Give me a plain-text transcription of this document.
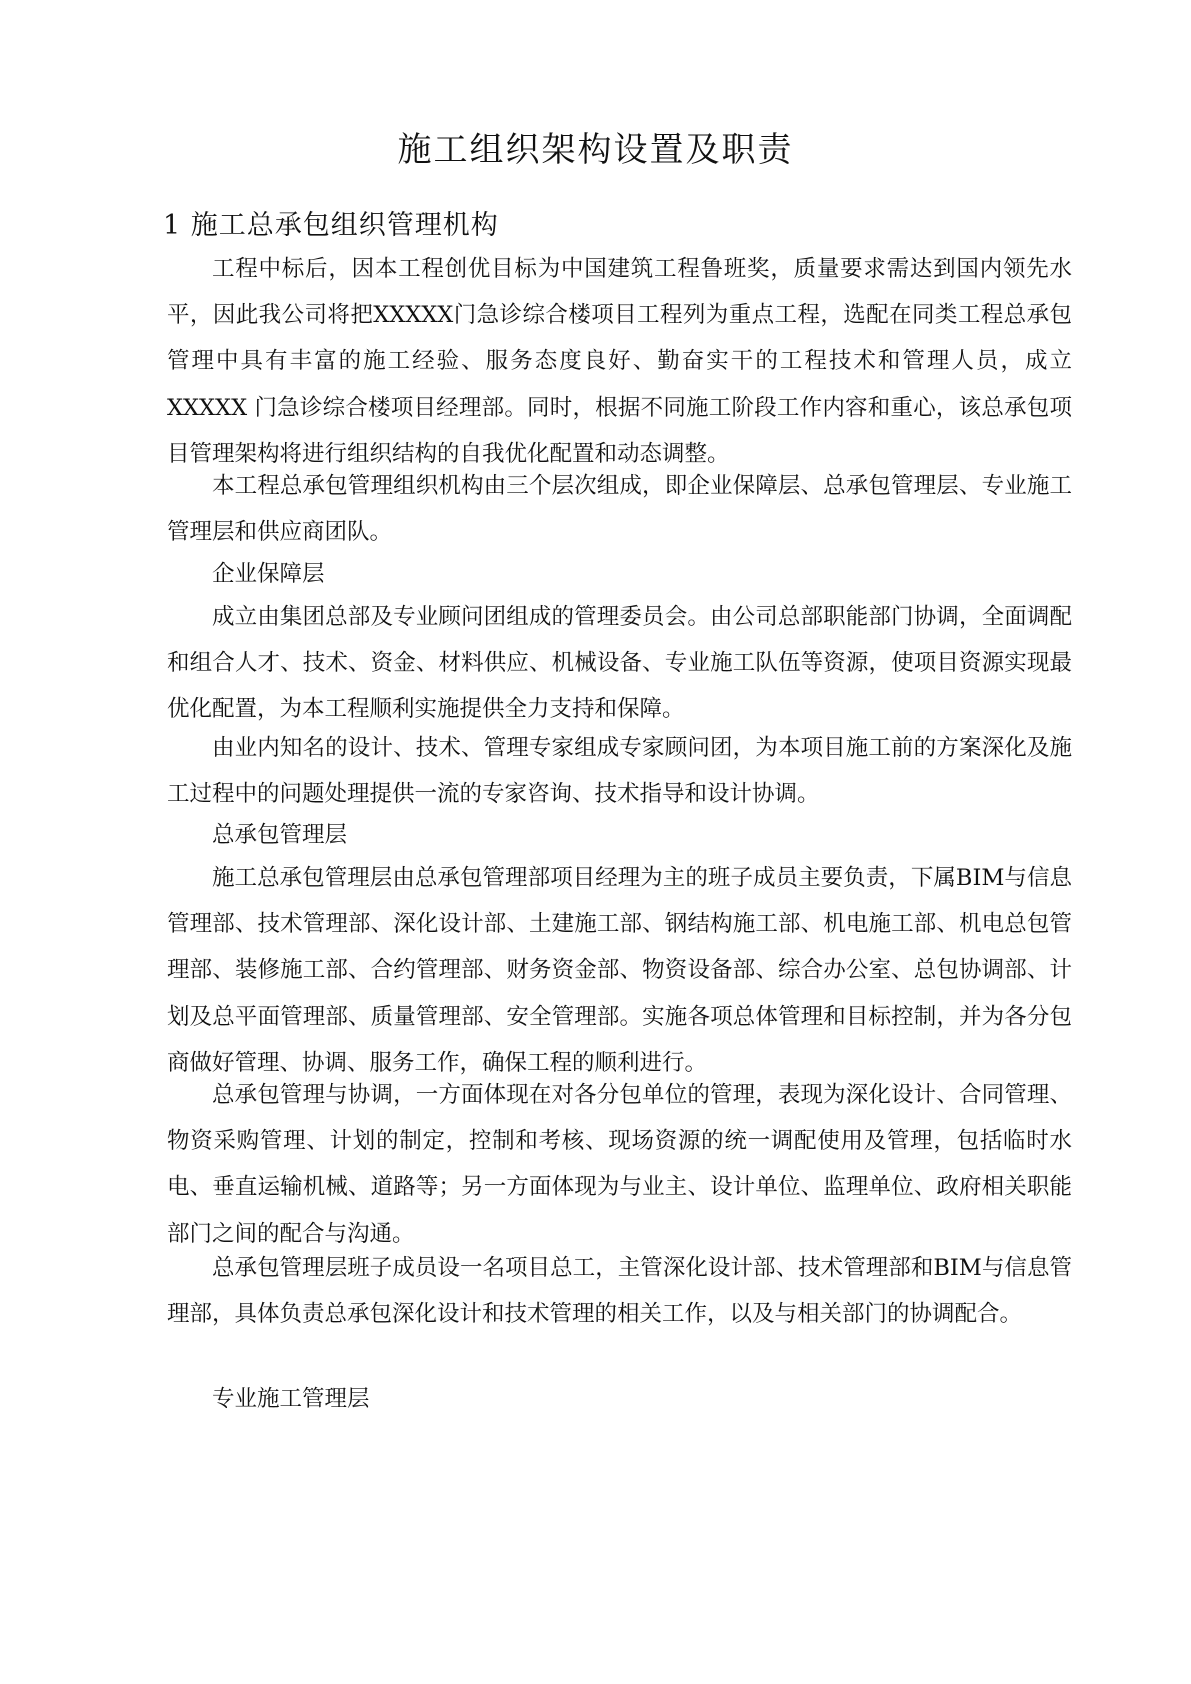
施工组织架构设置及职责
1 施工总承包组织管理机构
工程中标后，因本工程创优目标为中国建筑工程鲁班奖，质量要求需达到国内领先水平，因此我公司将把XXXXX门急诊综合楼项目工程列为重点工程，选配在同类工程总承包管理中具有丰富的施工经验、服务态度良好、勤奋实干的工程技术和管理人员，成立 XXXXX 门急诊综合楼项目经理部。同时，根据不同施工阶段工作内容和重心，该总承包项目管理架构将进行组织结构的自我优化配置和动态调整。
本工程总承包管理组织机构由三个层次组成，即企业保障层、总承包管理层、专业施工管理层和供应商团队。
企业保障层
成立由集团总部及专业顾问团组成的管理委员会。由公司总部职能部门协调，全面调配和组合人才、技术、资金、材料供应、机械设备、专业施工队伍等资源，使项目资源实现最优化配置，为本工程顺利实施提供全力支持和保障。
由业内知名的设计、技术、管理专家组成专家顾问团，为本项目施工前的方案深化及施工过程中的问题处理提供一流的专家咨询、技术指导和设计协调。
总承包管理层
施工总承包管理层由总承包管理部项目经理为主的班子成员主要负责，下属BIM与信息管理部、技术管理部、深化设计部、土建施工部、钢结构施工部、机电施工部、机电总包管理部、装修施工部、合约管理部、财务资金部、物资设备部、综合办公室、总包协调部、计划及总平面管理部、质量管理部、安全管理部。实施各项总体管理和目标控制，并为各分包商做好管理、协调、服务工作，确保工程的顺利进行。
总承包管理与协调，一方面体现在对各分包单位的管理，表现为深化设计、合同管理、物资采购管理、计划的制定，控制和考核、现场资源的统一调配使用及管理，包括临时水电、垂直运输机械、道路等；另一方面体现为与业主、设计单位、监理单位、政府相关职能部门之间的配合与沟通。
总承包管理层班子成员设一名项目总工，主管深化设计部、技术管理部和BIM与信息管理部，具体负责总承包深化设计和技术管理的相关工作，以及与相关部门的协调配合。
专业施工管理层
